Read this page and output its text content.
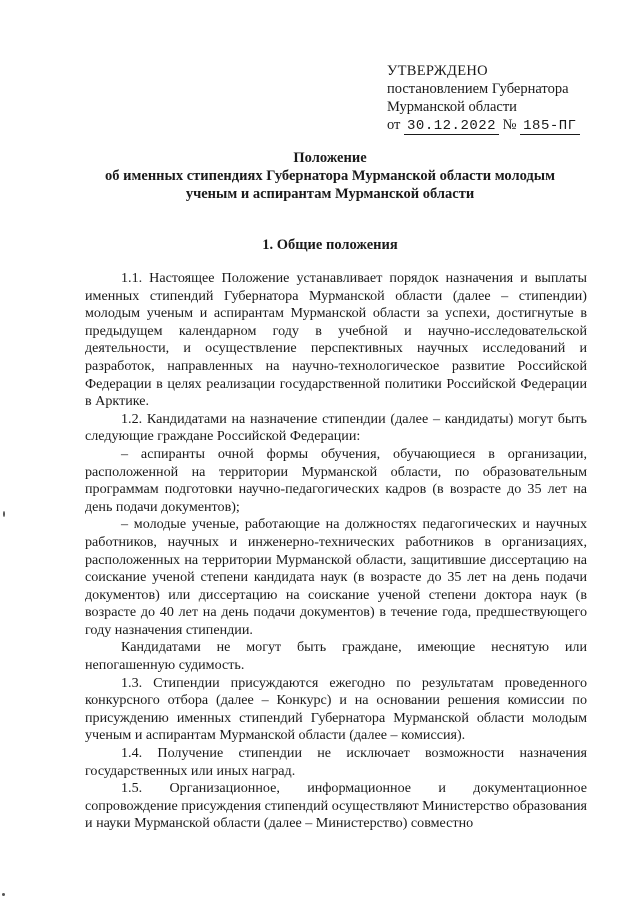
УТВЕРЖДЕНО
постановлением Губернатора
Мурманской области
от 30.12.2022 № 185-ПГ
Положение
об именных стипендиях Губернатора Мурманской области молодым
ученым и аспирантам Мурманской области
1. Общие положения

1.1. Настоящее Положение устанавливает порядок назначения и выплаты именных стипендий Губернатора Мурманской области (далее – стипендии) молодым ученым и аспирантам Мурманской области за успехи, достигнутые в предыдущем календарном году в учебной и научно-исследовательской деятельности, и осуществление перспективных научных исследований и разработок, направленных на научно-технологическое развитие Российской Федерации в целях реализации государственной политики Российской Федерации в Арктике.

1.2. Кандидатами на назначение стипендии (далее – кандидаты) могут быть следующие граждане Российской Федерации:

– аспиранты очной формы обучения, обучающиеся в организации, расположенной на территории Мурманской области, по образовательным программам подготовки научно-педагогических кадров (в возрасте до 35 лет на день подачи документов);

– молодые ученые, работающие на должностях педагогических и научных работников, научных и инженерно-технических работников в организациях, расположенных на территории Мурманской области, защитившие диссертацию на соискание ученой степени кандидата наук (в возрасте до 35 лет на день подачи документов) или диссертацию на соискание ученой степени доктора наук (в возрасте до 40 лет на день подачи документов) в течение года, предшествующего году назначения стипендии.

Кандидатами не могут быть граждане, имеющие неснятую или непогашенную судимость.

1.3. Стипендии присуждаются ежегодно по результатам проведенного конкурсного отбора (далее – Конкурс) и на основании решения комиссии по присуждению именных стипендий Губернатора Мурманской области молодым ученым и аспирантам Мурманской области (далее – комиссия).

1.4. Получение стипендии не исключает возможности назначения государственных или иных наград.

1.5. Организационное, информационное и документационное сопровождение присуждения стипендий осуществляют Министерство образования и науки Мурманской области (далее – Министерство) совместно
